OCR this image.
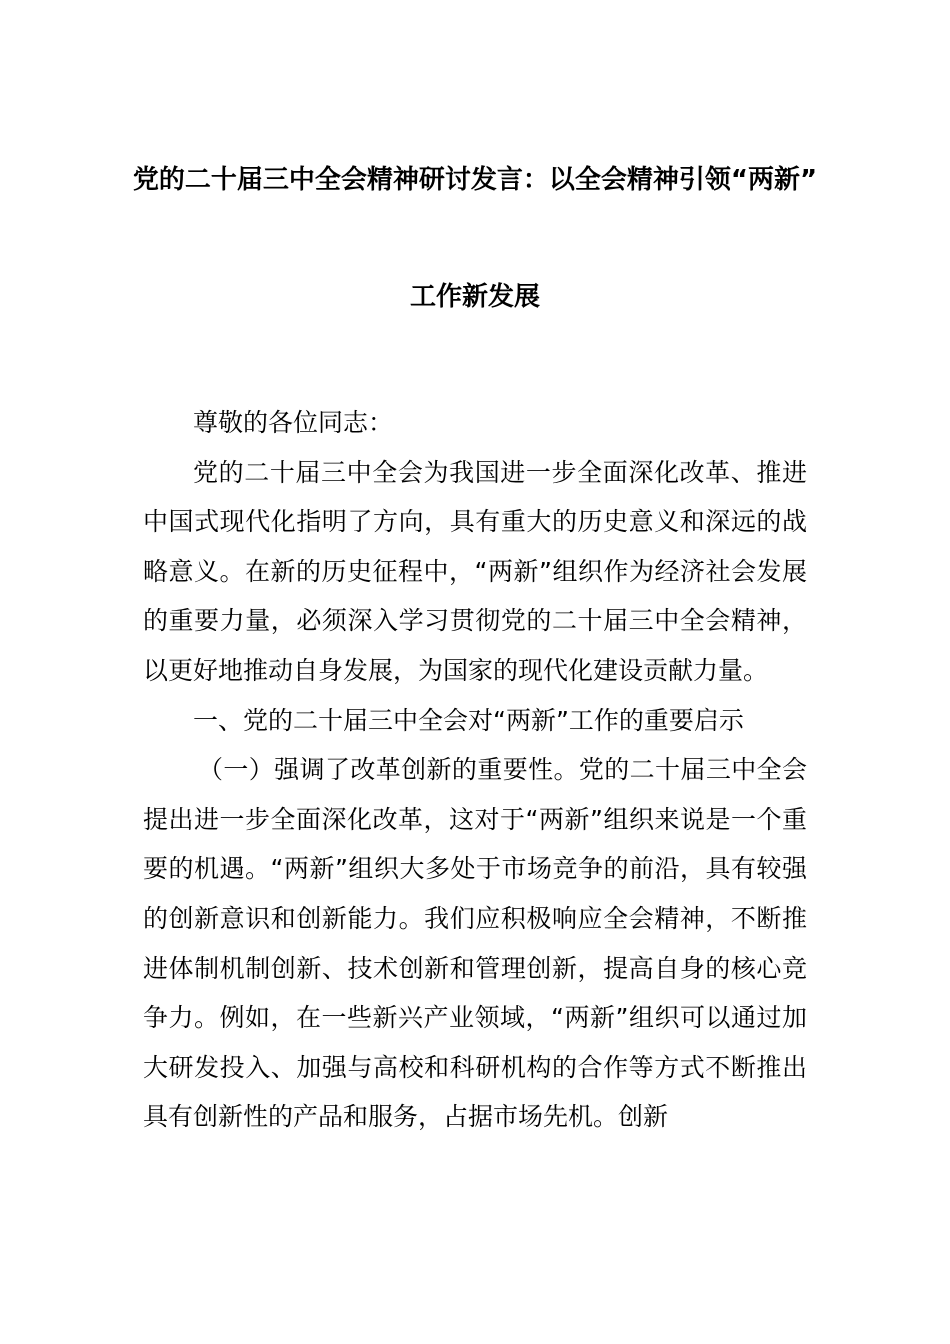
党的二十届三中全会精神研讨发言：以全会精神引领“两新”
工作新发展

尊敬的各位同志：

党的二十届三中全会为我国进一步全面深化改革、推进中国式现代化指明了方向，具有重大的历史意义和深远的战略意义。在新的历史征程中，“两新”组织作为经济社会发展的重要力量，必须深入学习贯彻党的二十届三中全会精神，以更好地推动自身发展，为国家的现代化建设贡献力量。

一、党的二十届三中全会对“两新”工作的重要启示

（一）强调了改革创新的重要性。党的二十届三中全会提出进一步全面深化改革，这对于“两新”组织来说是一个重要的机遇。“两新”组织大多处于市场竞争的前沿，具有较强的创新意识和创新能力。我们应积极响应全会精神，不断推进体制机制创新、技术创新和管理创新，提高自身的核心竞争力。例如，在一些新兴产业领域，“两新”组织可以通过加大研发投入、加强与高校和科研机构的合作等方式不断推出具有创新性的产品和服务，占据市场先机。创新
